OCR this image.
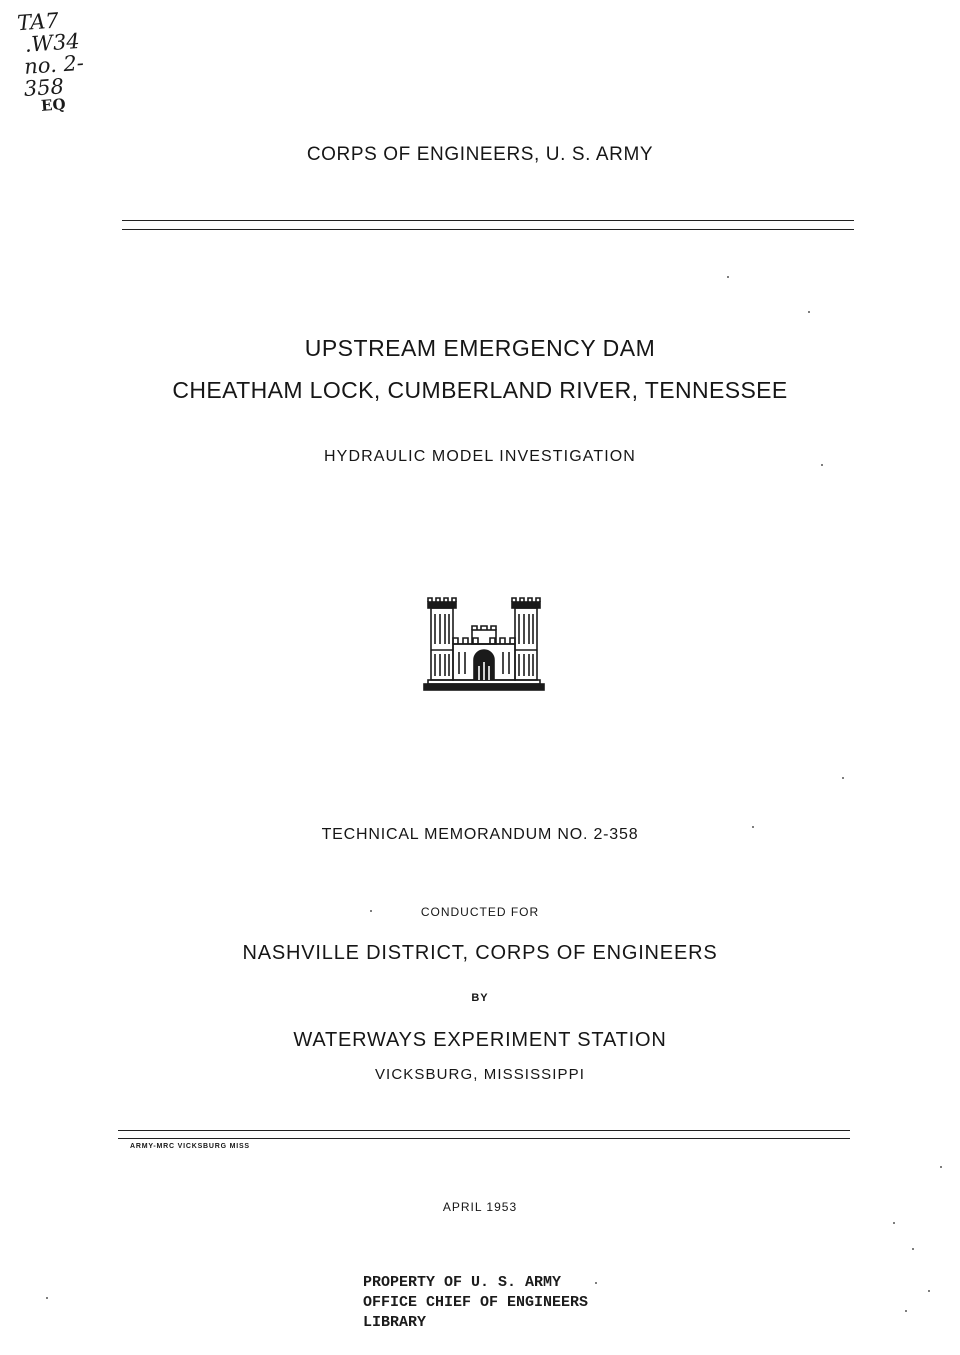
TA7
.W34
no. 2-
358
EQ
CORPS OF ENGINEERS, U. S. ARMY
UPSTREAM EMERGENCY DAM
CHEATHAM LOCK, CUMBERLAND RIVER, TENNESSEE
HYDRAULIC MODEL INVESTIGATION
TECHNICAL MEMORANDUM NO. 2-358
CONDUCTED FOR
NASHVILLE DISTRICT, CORPS OF ENGINEERS
BY
WATERWAYS EXPERIMENT STATION
VICKSBURG, MISSISSIPPI
ARMY-MRC VICKSBURG MISS
APRIL 1953
PROPERTY OF U. S. ARMY
OFFICE CHIEF OF ENGINEERS
LIBRARY
